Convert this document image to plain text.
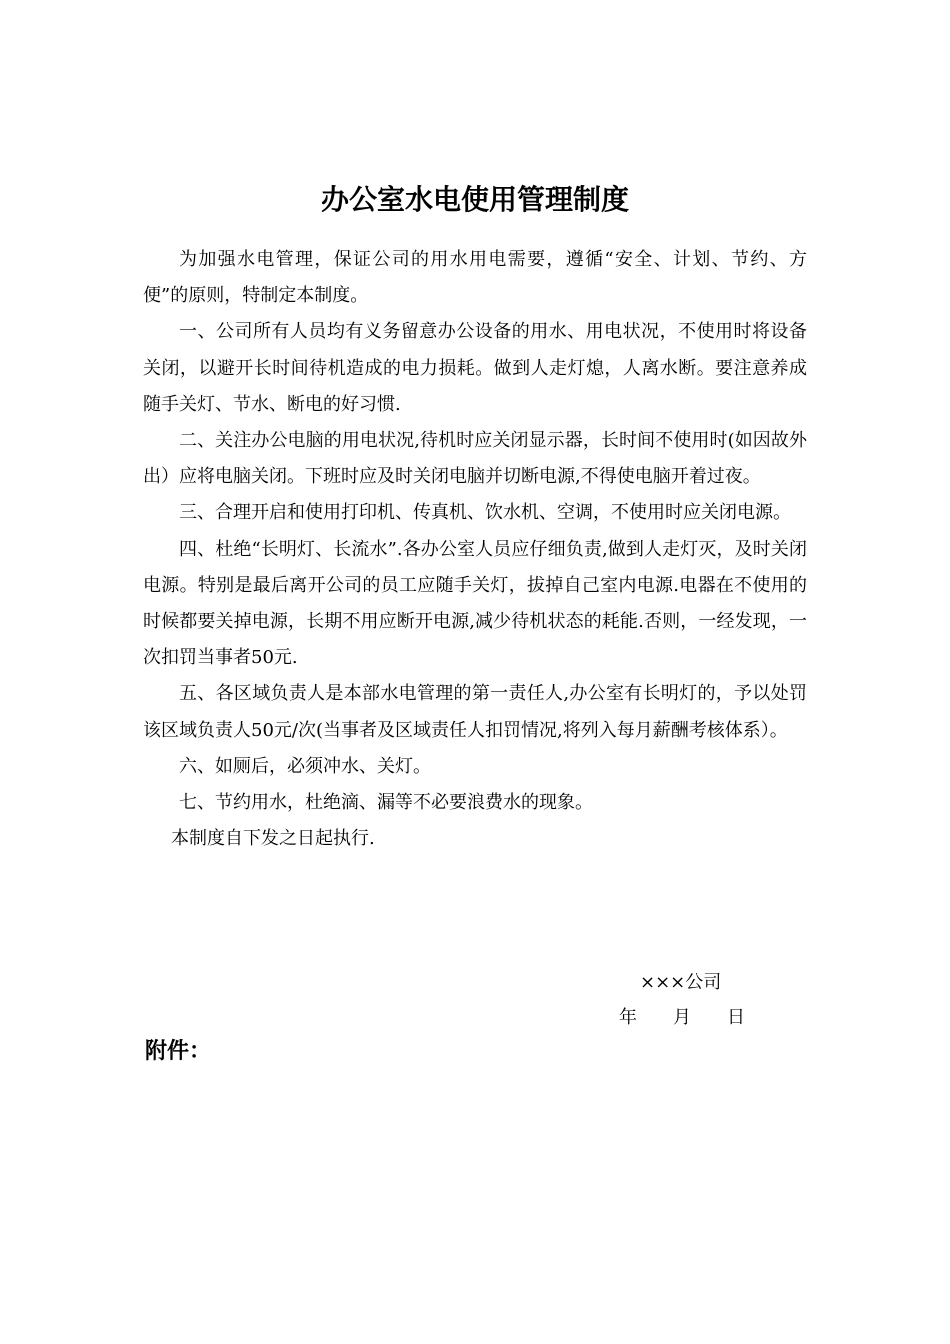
办公室水电使用管理制度

为加强水电管理，保证公司的用水用电需要，遵循“安全、计划、节约、方便”的原则，特制定本制度。

一、公司所有人员均有义务留意办公设备的用水、用电状况，不使用时将设备关闭，以避开长时间待机造成的电力损耗。做到人走灯熄，人离水断。要注意养成随手关灯、节水、断电的好习惯.

二、关注办公电脑的用电状况,待机时应关闭显示器，长时间不使用时(如因故外出）应将电脑关闭。下班时应及时关闭电脑并切断电源,不得使电脑开着过夜。

三、合理开启和使用打印机、传真机、饮水机、空调，不使用时应关闭电源。

四、杜绝“长明灯、长流水”.各办公室人员应仔细负责,做到人走灯灭，及时关闭电源。特别是最后离开公司的员工应随手关灯，拔掉自己室内电源.电器在不使用的时候都要关掉电源，长期不用应断开电源,减少待机状态的耗能.否则，一经发现，一次扣罚当事者50元.

五、各区域负责人是本部水电管理的第一责任人,办公室有长明灯的，予以处罚该区域负责人50元/次(当事者及区域责任人扣罚情况,将列入每月薪酬考核体系）。

六、如厕后，必须冲水、关灯。

七、节约用水，杜绝滴、漏等不必要浪费水的现象。

本制度自下发之日起执行.

×××公司
年　　月　　日
附件：
